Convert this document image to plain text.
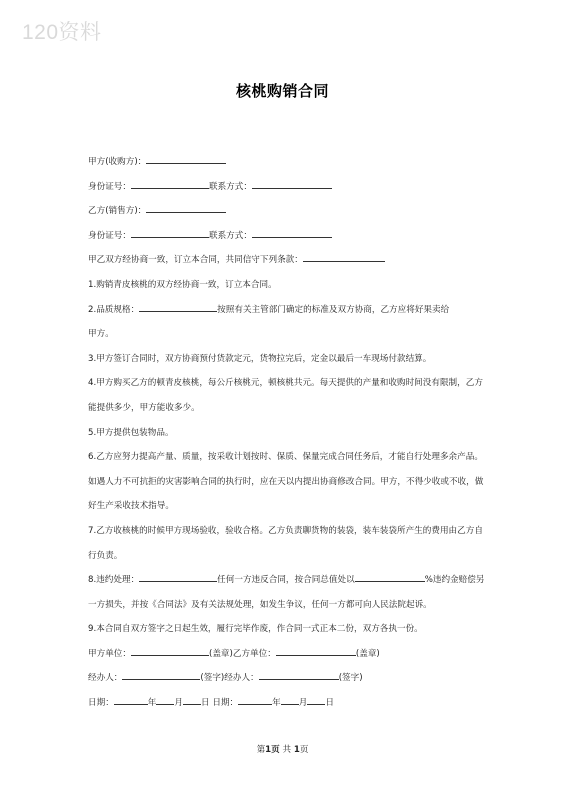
120资料
核桃购销合同

甲方(收购方)：

身份证号：	联系方式：

乙方(销售方)：

身份证号：	联系方式：

甲乙双方经协商一致，订立本合同，共同信守下列条款：

1.购销青皮核桃的双方经协商一致，订立本合同。

2.品质规格：	按照有关主管部门确定的标准及双方协商，乙方应将好果卖给
甲方。

3.甲方签订合同时，双方协商预付货款定元，货物拉完后，定金以最后一车现场付款结算。

4.甲方购买乙方的顿青皮核桃，每公斤核桃元，顿核桃共元。每天提供的产量和收购时间没有限制，乙方能提供多少，甲方能收多少。

5.甲方提供包装物品。

6.乙方应努力提高产量、质量，按采收计划按时、保质、保量完成合同任务后，才能自行处理多余产品。如遇人力不可抗拒的灾害影响合同的执行时，应在天以内提出协商修改合同。甲方，不得少收或不收，做好生产采收技术指导。

7.乙方收核桃的时候甲方现场验收，验收合格。乙方负责聊货物的装袋，装车装袋所产生的费用由乙方自行负责。

8.违约处理：	任何一方违反合同，按合同总值处以	%违约金赔偿另一方损失，并按《合同法》及有关法规处理，如发生争议，任何一方都可向人民法院起诉。

9.本合同自双方签字之日起生效，履行完毕作废，作合同一式正本二份，双方各执一份。

甲方单位：	(盖章)乙方单位：	(盖章)

经办人：	(签字)经办人：	(签字)

日期：	年 月 日 日期：	年 月 日

第1页 共 1页
